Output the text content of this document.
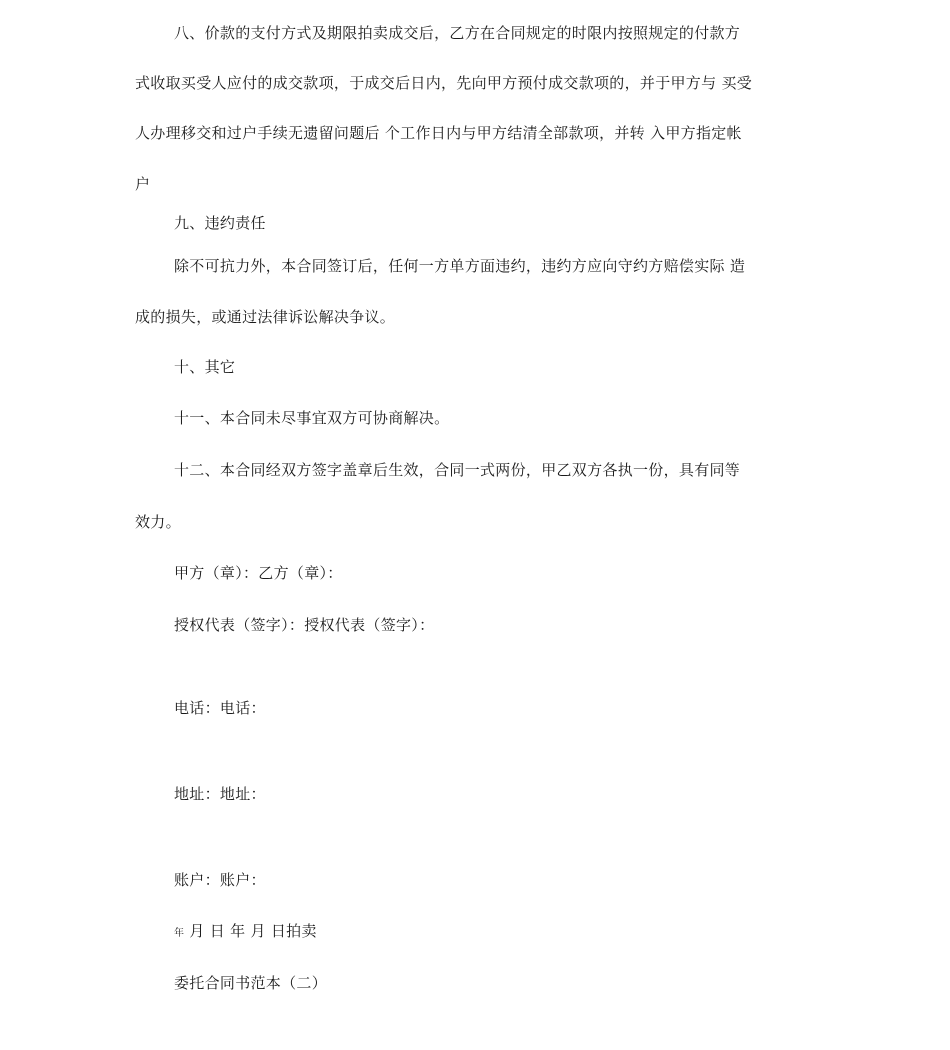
八、价款的支付方式及期限拍卖成交后，乙方在合同规定的时限内按照规定的付款方
式收取买受人应付的成交款项，于成交后日内，先向甲方预付成交款项的，并于甲方与 买受
人办理移交和过户手续无遗留问题后 个工作日内与甲方结清全部款项，并转 入甲方指定帐
户
九、违约责任
除不可抗力外，本合同签订后，任何一方单方面违约，违约方应向守约方赔偿实际 造
成的损失，或通过法律诉讼解决争议。
十、其它
十一、本合同未尽事宜双方可协商解决。
十二、本合同经双方签字盖章后生效，合同一式两份，甲乙双方各执一份，具有同等
效力。
甲方（章）：乙方（章）：
授权代表（签字）：授权代表（签字）：
电话：电话：
地址：地址：
账户：账户：
年 月 日 年 月 日拍卖
委托合同书范本（二）
